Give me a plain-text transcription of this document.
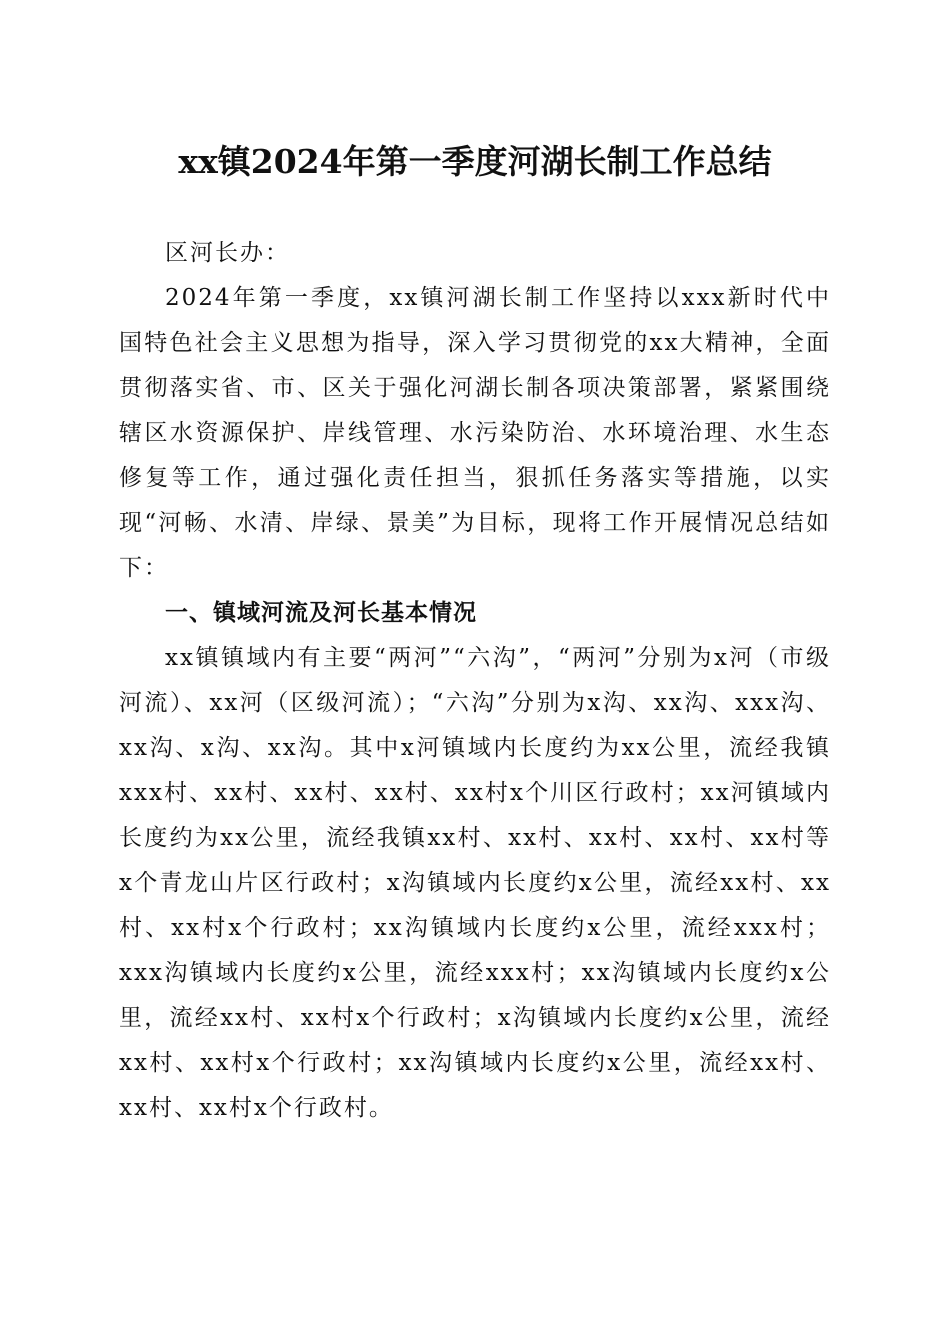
xx镇2024年第一季度河湖长制工作总结

区河长办：

2024年第一季度，xx镇河湖长制工作坚持以xxx新时代中国特色社会主义思想为指导，深入学习贯彻党的xx大精神，全面贯彻落实省、市、区关于强化河湖长制各项决策部署，紧紧围绕辖区水资源保护、岸线管理、水污染防治、水环境治理、水生态修复等工作，通过强化责任担当，狠抓任务落实等措施，以实现“河畅、水清、岸绿、景美”为目标，现将工作开展情况总结如下：

一、镇域河流及河长基本情况

xx镇镇域内有主要“两河”“六沟”，“两河”分别为x河（市级河流）、xx河（区级河流）；“六沟”分别为x沟、xx沟、xxx沟、xx沟、x沟、xx沟。其中x河镇域内长度约为xx公里，流经我镇xxx村、xx村、xx村、xx村、xx村x个川区行政村；xx河镇域内长度约为xx公里，流经我镇xx村、xx村、xx村、xx村、xx村等x个青龙山片区行政村；x沟镇域内长度约x公里，流经xx村、xx村、xx村x个行政村；xx沟镇域内长度约x公里，流经xxx村；xxx沟镇域内长度约x公里，流经xxx村；xx沟镇域内长度约x公里，流经xx村、xx村x个行政村；x沟镇域内长度约x公里，流经xx村、xx村x个行政村；xx沟镇域内长度约x公里，流经xx村、xx村、xx村x个行政村。
